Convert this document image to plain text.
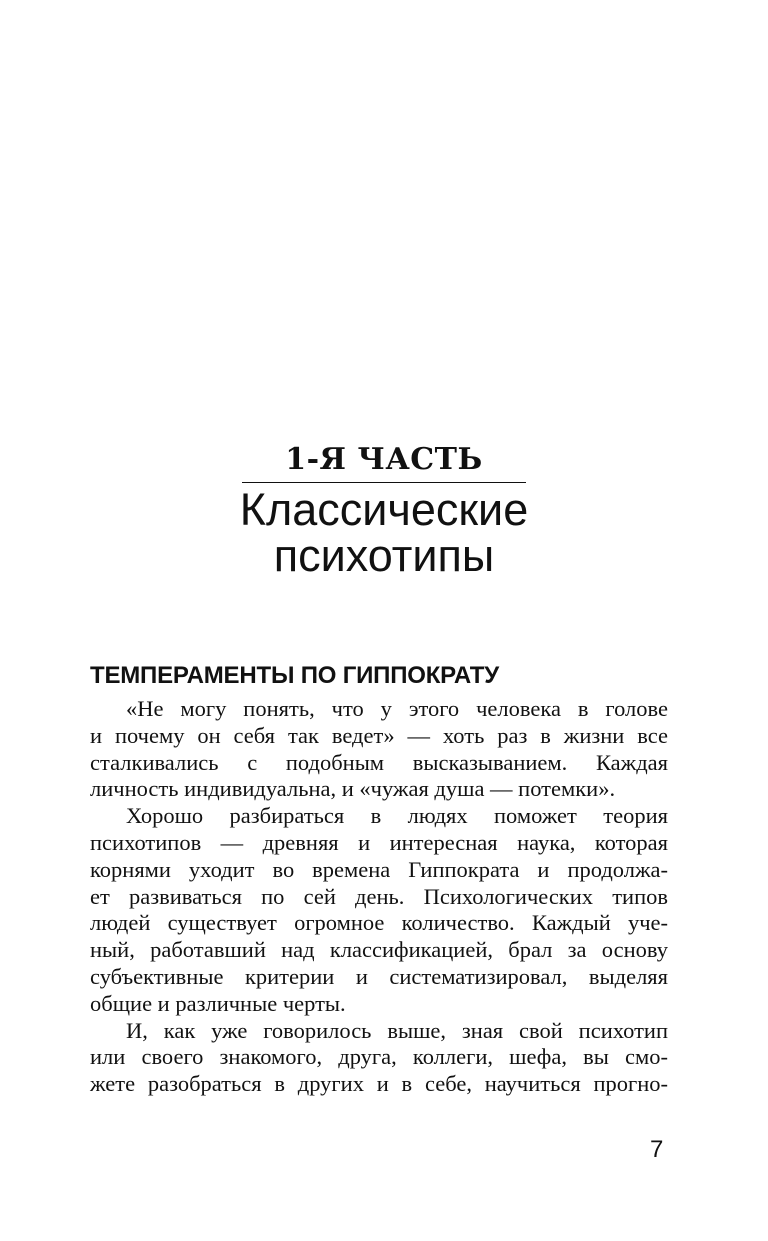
1-Я ЧАСТЬ

Классические

психотипы

ТЕМПЕРАМЕНТЫ ПО ГИППОКРАТУ

«Не могу понять, что у этого человека в голове
и почему он себя так ведет» — хоть раз в жизни все
сталкивались с подобным высказыванием. Каждая
личность индивидуальна, и «чужая душа — потемки».

Хорошо разбираться в людях поможет теория
психотипов — древняя и интересная наука, которая
корнями уходит во времена Гиппократа и продолжа-
ет развиваться по сей день. Психологических типов
людей существует огромное количество. Каждый уче-
ный, работавший над классификацией, брал за основу
субъективные критерии и систематизировал, выделяя
общие и различные черты.

И, как уже говорилось выше, зная свой психотип
или своего знакомого, друга, коллеги, шефа, вы смо-
жете разобраться в других и в себе, научиться прогно-

7
